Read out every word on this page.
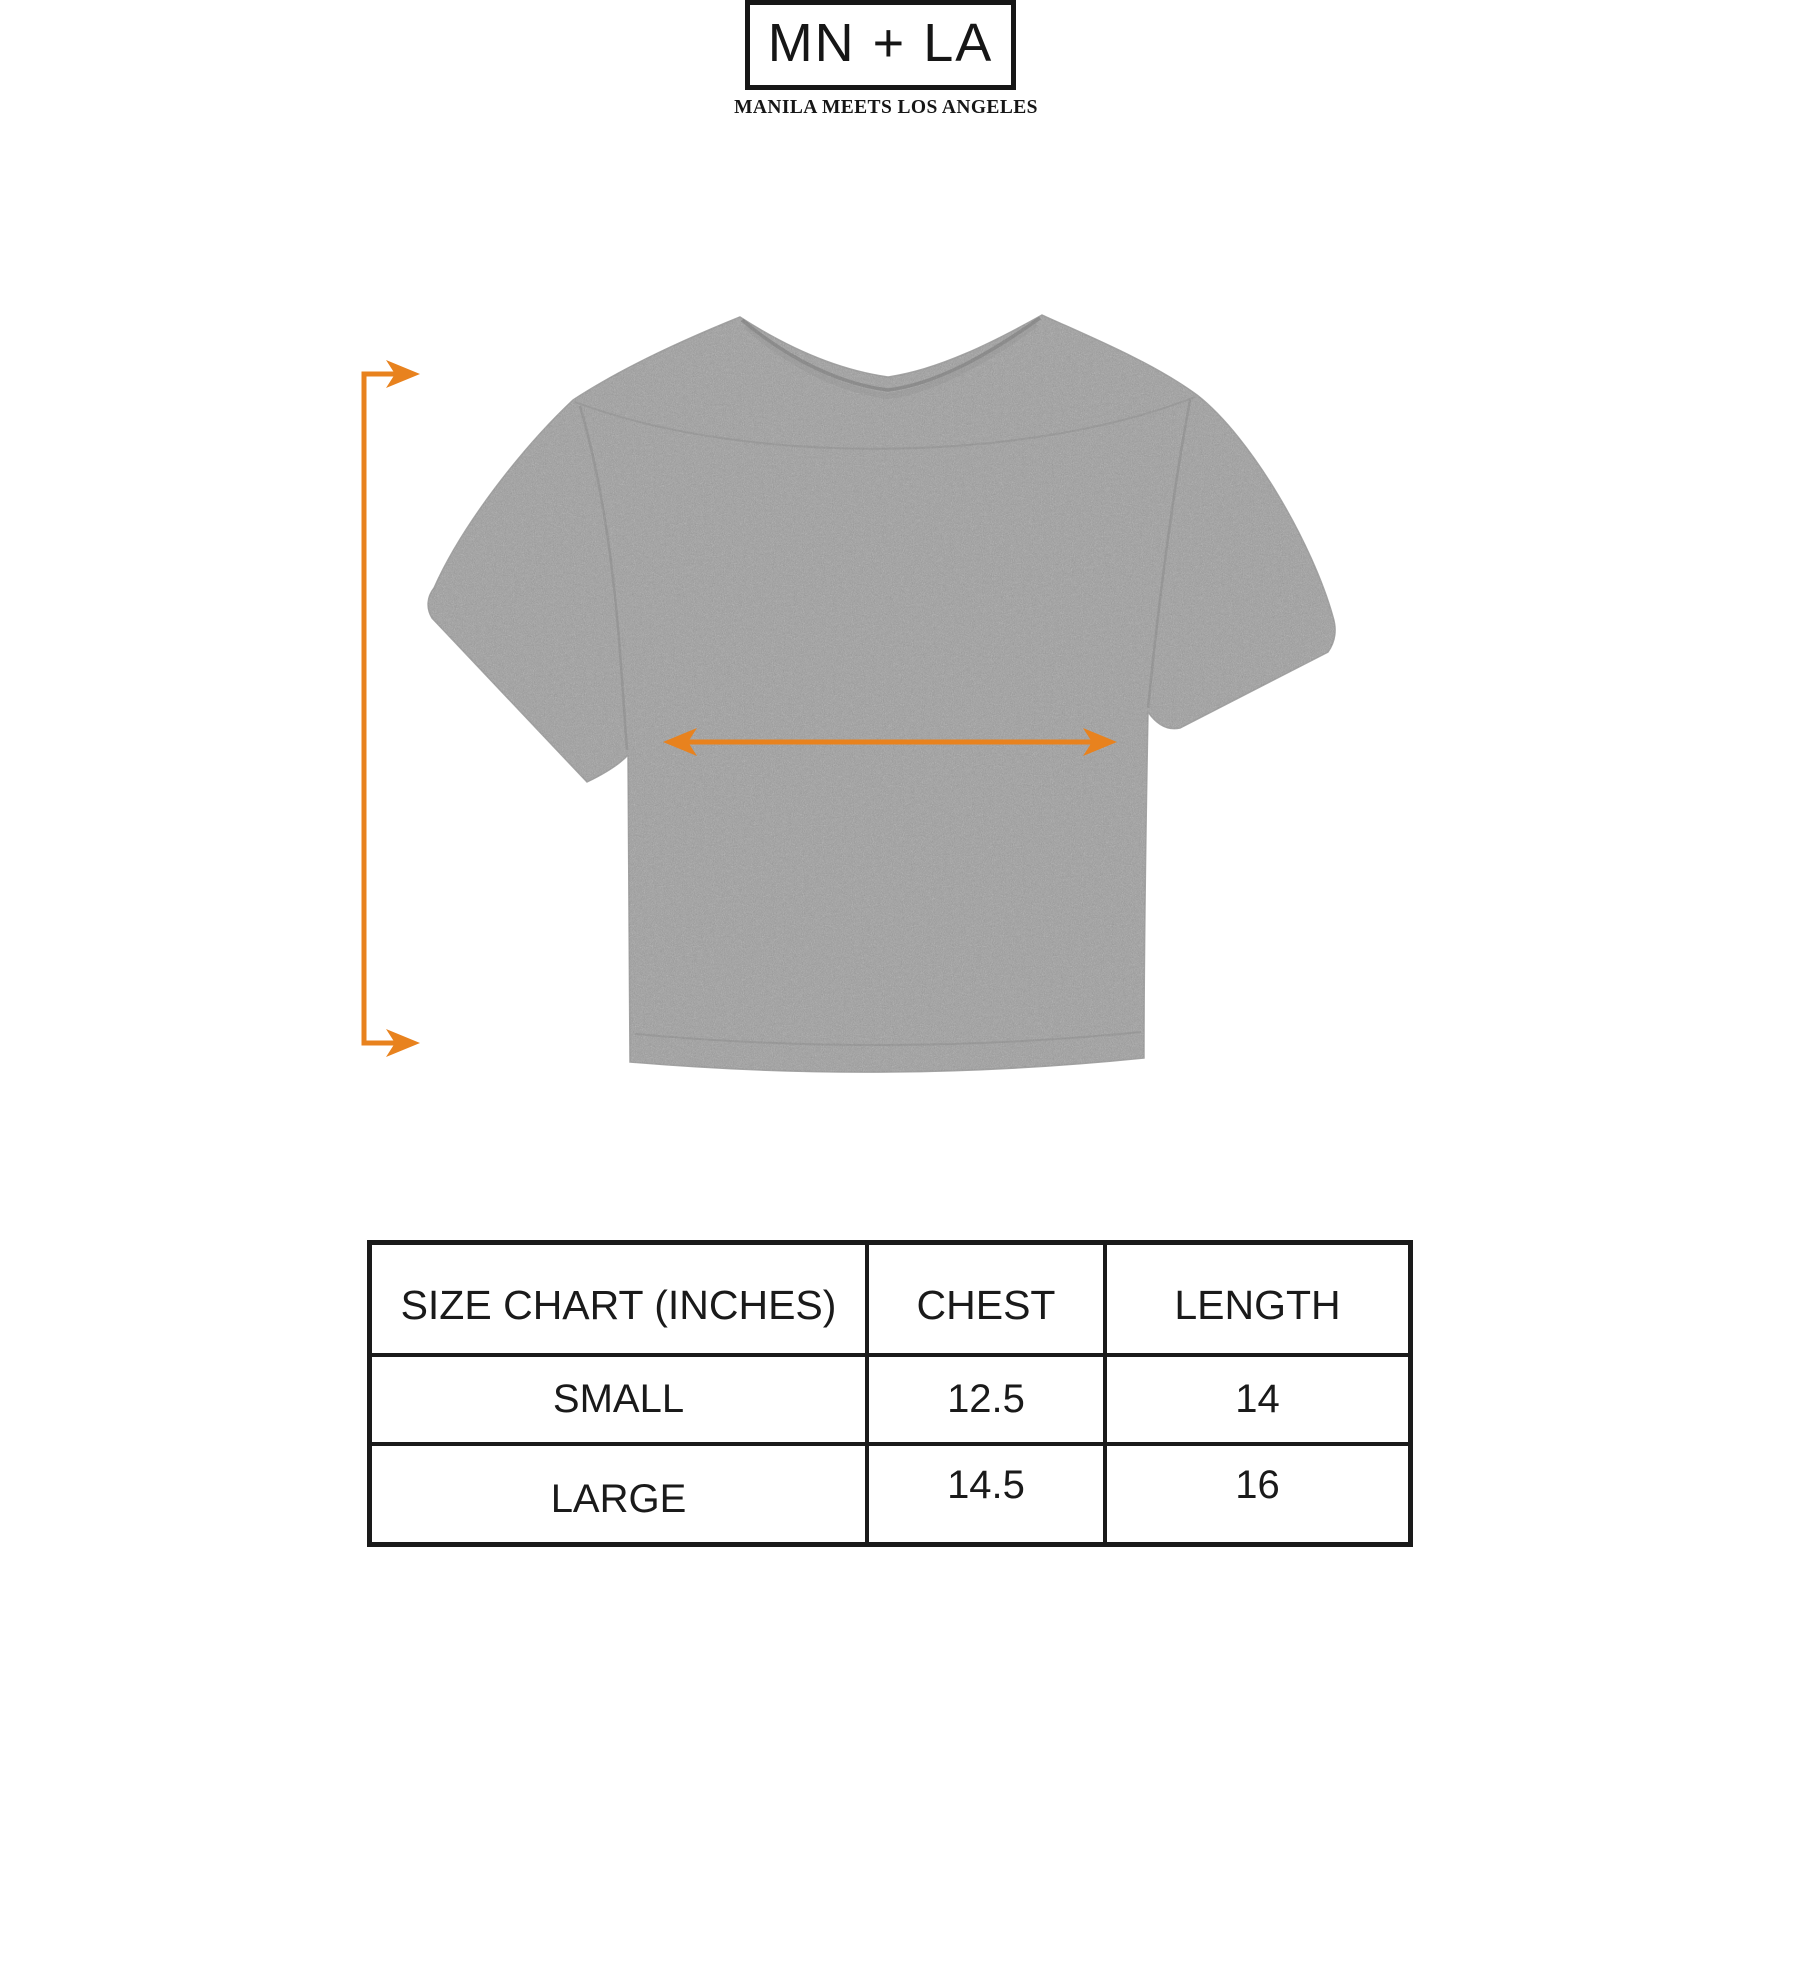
MN + LA
MANILA MEETS LOS ANGELES
SIZE CHART (INCHES)	CHEST	LENGTH
SMALL	12.5	14
LARGE	14.5	16
